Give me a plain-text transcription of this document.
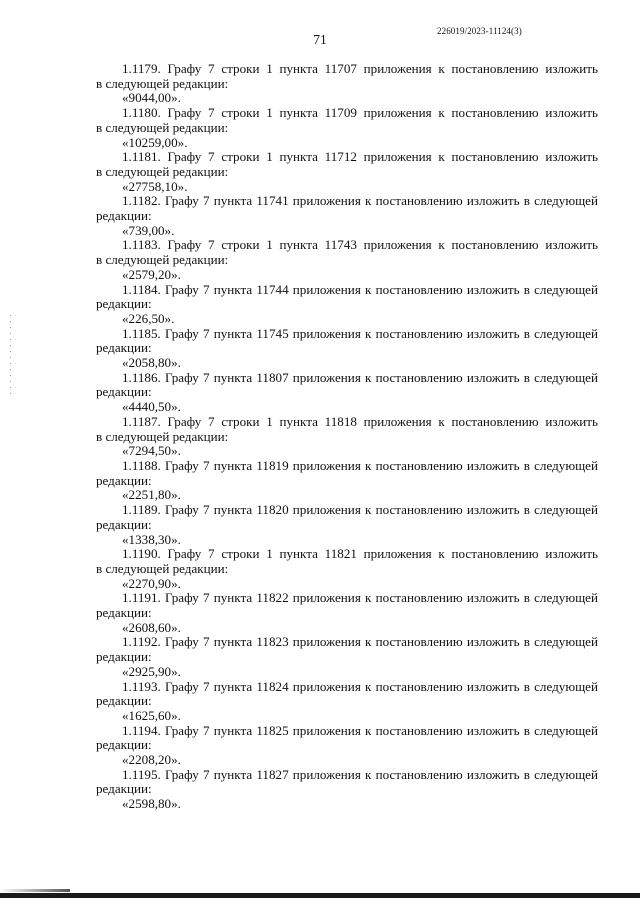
226019/2023-11124(3)
71
1.1179. Графу 7 строки 1 пункта 11707 приложения к постановлению изложить
в следующей редакции:
«9044,00».
1.1180. Графу 7 строки 1 пункта 11709 приложения к постановлению изложить
в следующей редакции:
«10259,00».
1.1181. Графу 7 строки 1 пункта 11712 приложения к постановлению изложить
в следующей редакции:
«27758,10».
1.1182. Графу 7 пункта 11741 приложения к постановлению изложить в следующей
редакции:
«739,00».
1.1183. Графу 7 строки 1 пункта 11743 приложения к постановлению изложить
в следующей редакции:
«2579,20».
1.1184. Графу 7 пункта 11744 приложения к постановлению изложить в следующей
редакции:
«226,50».
1.1185. Графу 7 пункта 11745 приложения к постановлению изложить в следующей
редакции:
«2058,80».
1.1186. Графу 7 пункта 11807 приложения к постановлению изложить в следующей
редакции:
«4440,50».
1.1187. Графу 7 строки 1 пункта 11818 приложения к постановлению изложить
в следующей редакции:
«7294,50».
1.1188. Графу 7 пункта 11819 приложения к постановлению изложить в следующей
редакции:
«2251,80».
1.1189. Графу 7 пункта 11820 приложения к постановлению изложить в следующей
редакции:
«1338,30».
1.1190. Графу 7 строки 1 пункта 11821 приложения к постановлению изложить
в следующей редакции:
«2270,90».
1.1191. Графу 7 пункта 11822 приложения к постановлению изложить в следующей
редакции:
«2608,60».
1.1192. Графу 7 пункта 11823 приложения к постановлению изложить в следующей
редакции:
«2925,90».
1.1193. Графу 7 пункта 11824 приложения к постановлению изложить в следующей
редакции:
«1625,60».
1.1194. Графу 7 пункта 11825 приложения к постановлению изложить в следующей
редакции:
«2208,20».
1.1195. Графу 7 пункта 11827 приложения к постановлению изложить в следующей
редакции:
«2598,80».
